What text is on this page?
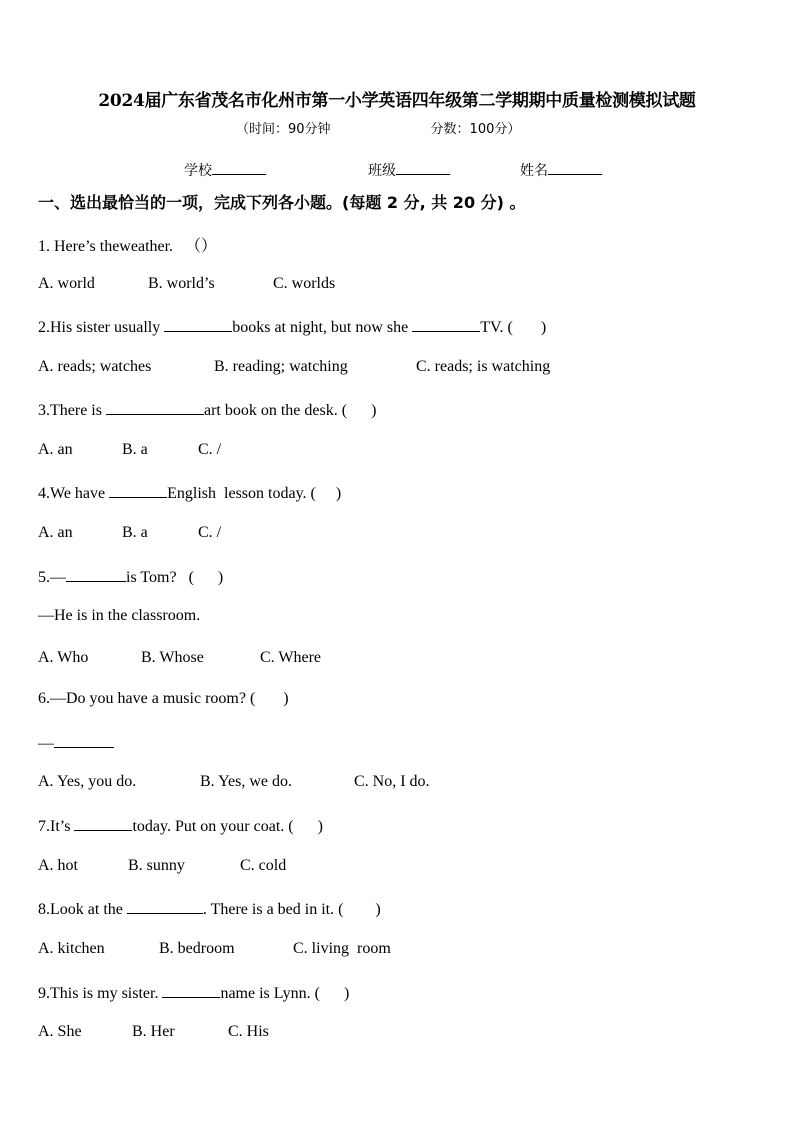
2024届广东省茂名市化州市第一小学英语四年级第二学期期中质量检测模拟试题
（时间：90分钟	分数：100分）
学校	班级	姓名
一、选出最恰当的一项，完成下列各小题。(每题 2 分, 共 20 分) 。
1. Here’s theweather.   （）
A. world	B. world’s	C. worlds
2.His sister usually	books at night, but now she	TV. (       )
A. reads; watches	B. reading; watching	C. reads; is watching
3.There is	art book on the desk. (      )
A. an	B. a	C. /
4.We have	English  lesson today. (     )
A. an	B. a	C. /
5.—	is Tom?   (      )
—He is in the classroom.
A. Who	B. Whose	C. Where
6.—Do you have a music room? (       )
—
A. Yes, you do.	B. Yes, we do.	C. No, I do.
7.It’s	today. Put on your coat. (      )
A. hot	B. sunny	C. cold
8.Look at the	. There is a bed in it. (        )
A. kitchen	B. bedroom	C. living  room
9.This is my sister.	name is Lynn. (      )
A. She	B. Her	C. His
